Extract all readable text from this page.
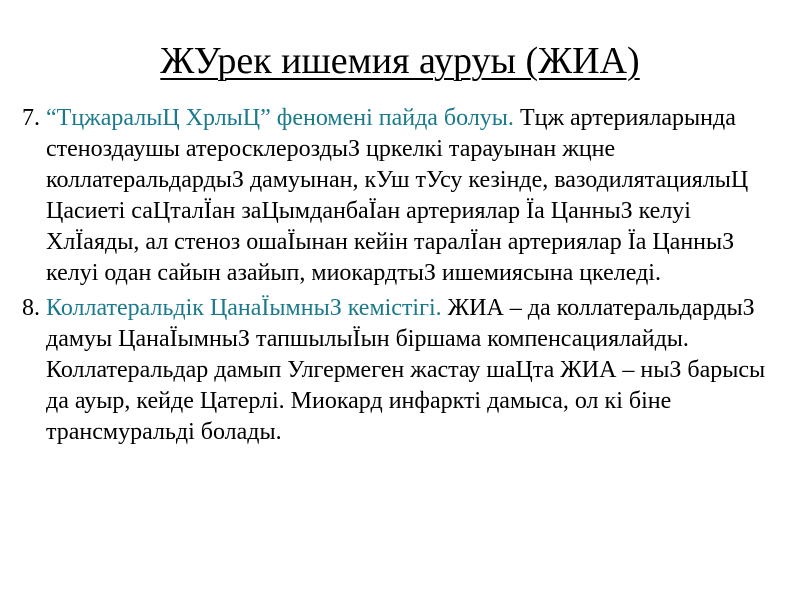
ЖУрек ишемия ауруы (ЖИА)
7. “ТцжаралыЦ ХрлыЦ” феноменi пайда болуы. Тцж артерияларында стеноздаушы атеросклероздыЗ цркелкi тарауынан жцне коллатеральдардыЗ дамуынан, кУш тУсу кезiнде, вазодилятациялыЦ Цасиетi саЦталЇан заЦымданбаЇан артериялар Їа ЦанныЗ келуi ХлЇаяды, ал стеноз ошаЇынан кейiн таралЇан артериялар Їа ЦанныЗ келуi одан сайын азайып, миокардтыЗ ишемиясына цкеледi.
8. Коллатеральдiк ЦанаЇымныЗ кемiстiгi. ЖИА – да коллатеральдардыЗ дамуы ЦанаЇымныЗ тапшылыЇын бiршама компенсациялайды. Коллатеральдар дамып Улгермеген жастау шаЦта ЖИА – ныЗ барысы да ауыр, кейде Цатерлi. Миокард инфарктi дамыса, ол кi бiне трансмуральдi болады.
